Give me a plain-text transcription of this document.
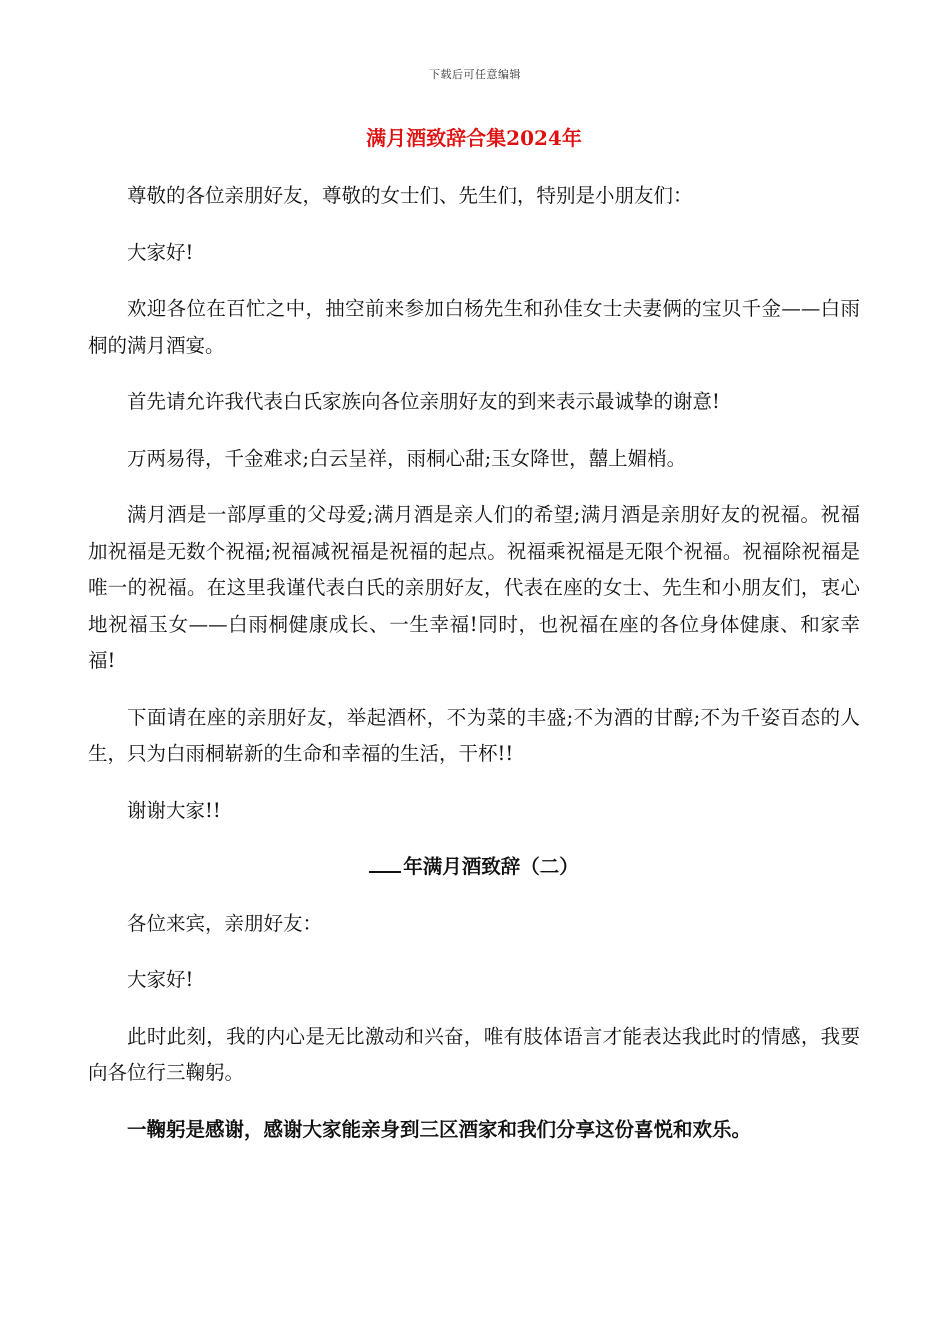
下载后可任意编辑
满月酒致辞合集2024年

尊敬的各位亲朋好友，尊敬的女士们、先生们，特别是小朋友们：

大家好!

欢迎各位在百忙之中，抽空前来参加白杨先生和孙佳女士夫妻俩的宝贝千金——白雨桐的满月酒宴。

首先请允许我代表白氏家族向各位亲朋好友的到来表示最诚挚的谢意!

万两易得，千金难求;白云呈祥，雨桐心甜;玉女降世，囍上媚梢。

满月酒是一部厚重的父母爱;满月酒是亲人们的希望;满月酒是亲朋好友的祝福。祝福加祝福是无数个祝福;祝福减祝福是祝福的起点。祝福乘祝福是无限个祝福。祝福除祝福是唯一的祝福。在这里我谨代表白氏的亲朋好友，代表在座的女士、先生和小朋友们，衷心地祝福玉女——白雨桐健康成长、一生幸福!同时，也祝福在座的各位身体健康、和家幸福!

下面请在座的亲朋好友，举起酒杯，不为菜的丰盛;不为酒的甘醇;不为千姿百态的人生，只为白雨桐崭新的生命和幸福的生活，干杯!!

谢谢大家!!

年满月酒致辞（二）

各位来宾，亲朋好友：

大家好!

此时此刻，我的内心是无比激动和兴奋，唯有肢体语言才能表达我此时的情感，我要向各位行三鞠躬。

一鞠躬是感谢，感谢大家能亲身到三区酒家和我们分享这份喜悦和欢乐。
